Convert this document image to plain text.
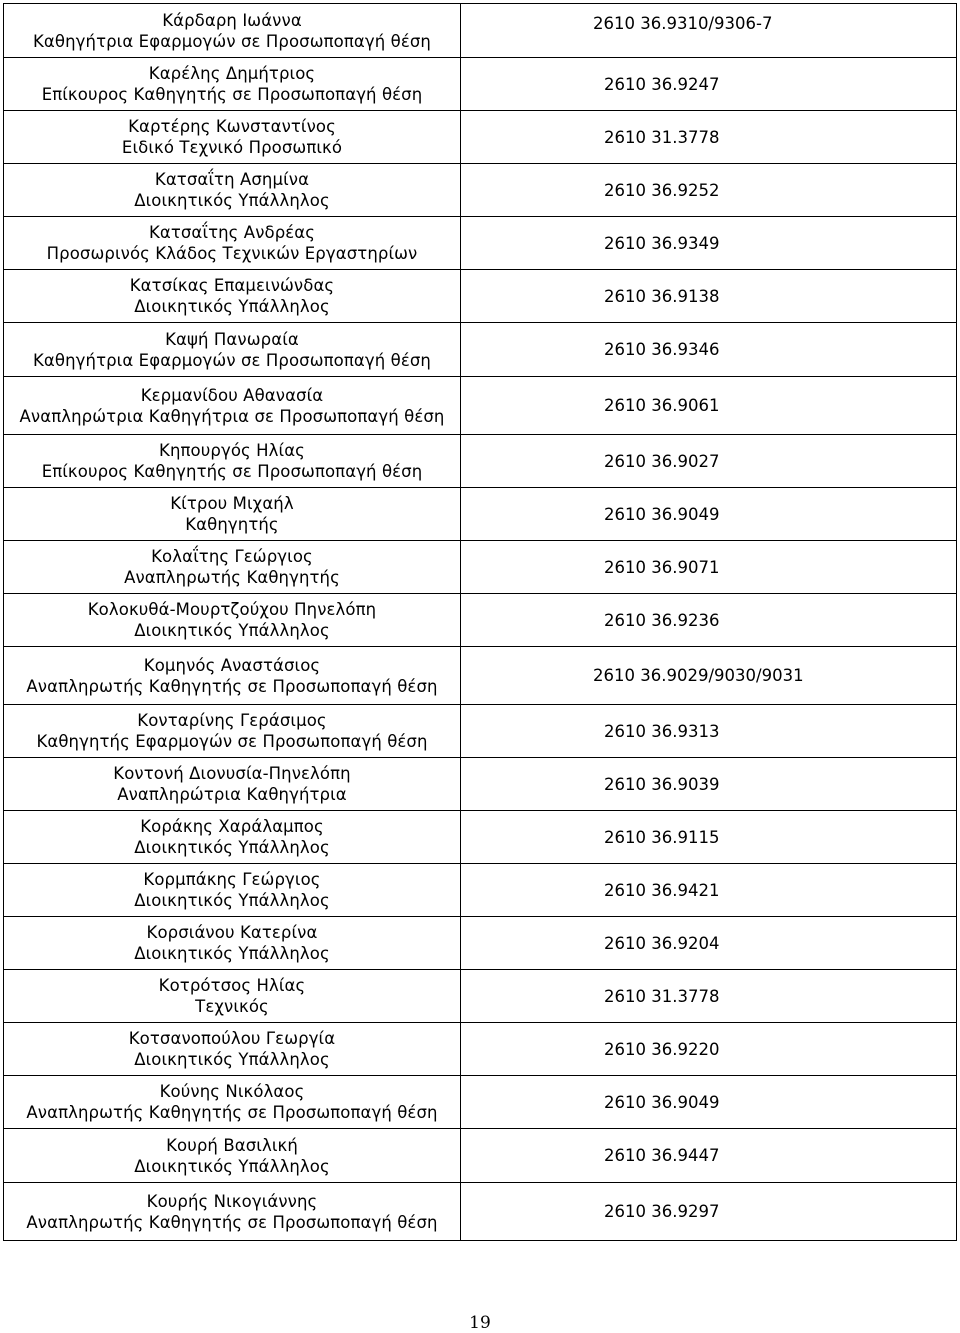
Κάρδαρη Ιωάννα
Καθηγήτρια Εφαρμογών σε Προσωποπαγή θέση	2610 36.9310/9306-7

Καρέλης Δημήτριος
Επίκουρος Καθηγητής σε Προσωποπαγή θέση	2610 36.9247

Καρτέρης Κωνσταντίνος
Ειδικό Τεχνικό Προσωπικό	2610 31.3778

Κατσαΐτη Ασημίνα
Διοικητικός Υπάλληλος	2610 36.9252

Κατσαΐτης Ανδρέας
Προσωρινός Κλάδος Τεχνικών Εργαστηρίων	2610 36.9349

Κατσίκας Επαμεινώνδας
Διοικητικός Υπάλληλος	2610 36.9138

Καψή Πανωραία
Καθηγήτρια Εφαρμογών σε Προσωποπαγή θέση	2610 36.9346

Κερμανίδου Αθανασία
Αναπληρώτρια Καθηγήτρια σε Προσωποπαγή θέση	2610 36.9061

Κηπουργός Ηλίας
Επίκουρος Καθηγητής σε Προσωποπαγή θέση	2610 36.9027

Κίτρου Μιχαήλ
Καθηγητής	2610 36.9049

Κολαΐτης Γεώργιος
Αναπληρωτής Καθηγητής	2610 36.9071

Κολοκυθά-Μουρτζούχου Πηνελόπη
Διοικητικός Υπάλληλος	2610 36.9236

Κομηνός Αναστάσιος
Αναπληρωτής Καθηγητής σε Προσωποπαγή θέση	2610 36.9029/9030/9031

Κονταρίνης Γεράσιμος
Καθηγητής Εφαρμογών σε Προσωποπαγή θέση	2610 36.9313

Κοντονή Διονυσία-Πηνελόπη
Αναπληρώτρια Καθηγήτρια	2610 36.9039

Κοράκης Χαράλαμπος
Διοικητικός Υπάλληλος	2610 36.9115

Κορμπάκης Γεώργιος
Διοικητικός Υπάλληλος	2610 36.9421

Κορσιάνου Κατερίνα
Διοικητικός Υπάλληλος	2610 36.9204

Κοτρότσος Ηλίας
Τεχνικός	2610 31.3778

Κοτσανοπούλου Γεωργία
Διοικητικός Υπάλληλος	2610 36.9220

Κούνης Νικόλαος
Αναπληρωτής Καθηγητής σε Προσωποπαγή θέση	2610 36.9049

Κουρή Βασιλική
Διοικητικός Υπάλληλος	2610 36.9447

Κουρής Νικογιάννης
Αναπληρωτής Καθηγητής σε Προσωποπαγή θέση	2610 36.9297
19
